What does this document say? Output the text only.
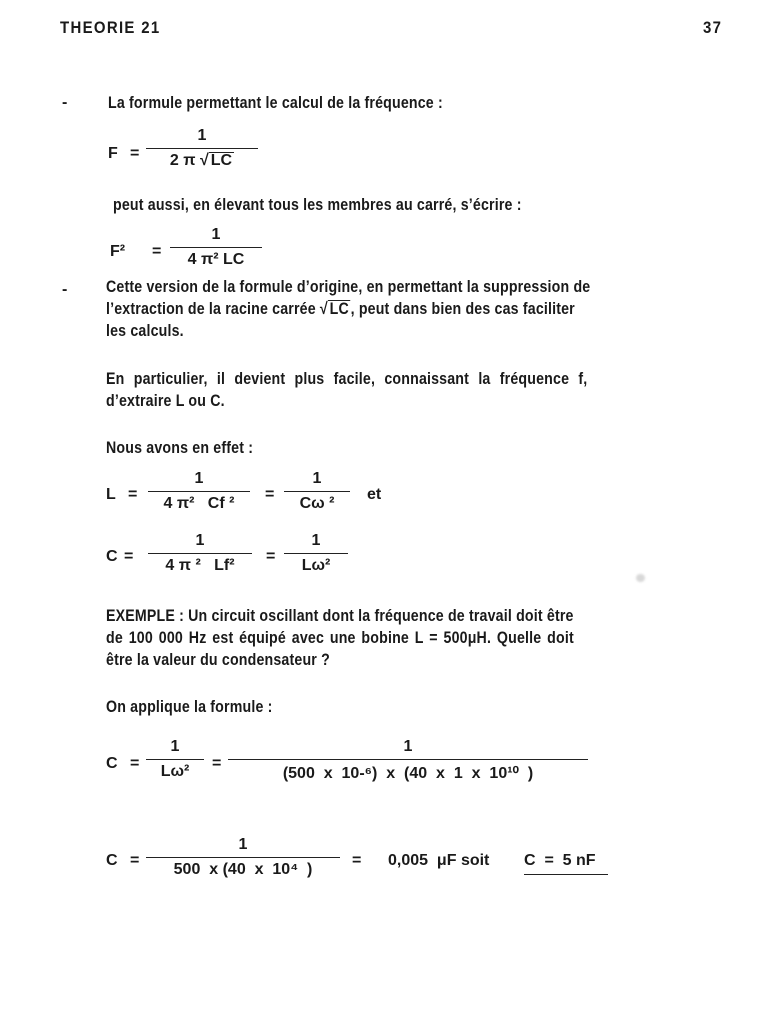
THEORIE 21	37
- La formule permettant le calcul de la fréquence :
F =
1
2 π √ LC
peut aussi, en élevant tous les membres au carré, s’écrire :
F² =
1
4 π² LC
- Cette version de la formule d’origine, en permettant la suppression de
l’extraction de la racine carrée √ LC , peut dans bien des cas faciliter
les calculs.
En particulier, il devient plus facile, connaissant la fréquence f,
d’extraire L ou C.
Nous avons en effet :
L =
1
4 π²   Cf ²
=
1
Cω ²
et
C =
1
4 π ²   Lf²
=
1
Lω²
EXEMPLE : Un circuit oscillant dont la fréquence de travail doit être
de 100 000 Hz est équipé avec une bobine L = 500μH. Quelle doit
être la valeur du condensateur ?
On applique la formule :
C =
1
Lω²	=
1
(500  x  10-⁶)  x  (40  x  1  x  10¹⁰  )
C =
1
500  x (40  x  10⁴  )
= 0,005  μF soit C  =  5 nF
